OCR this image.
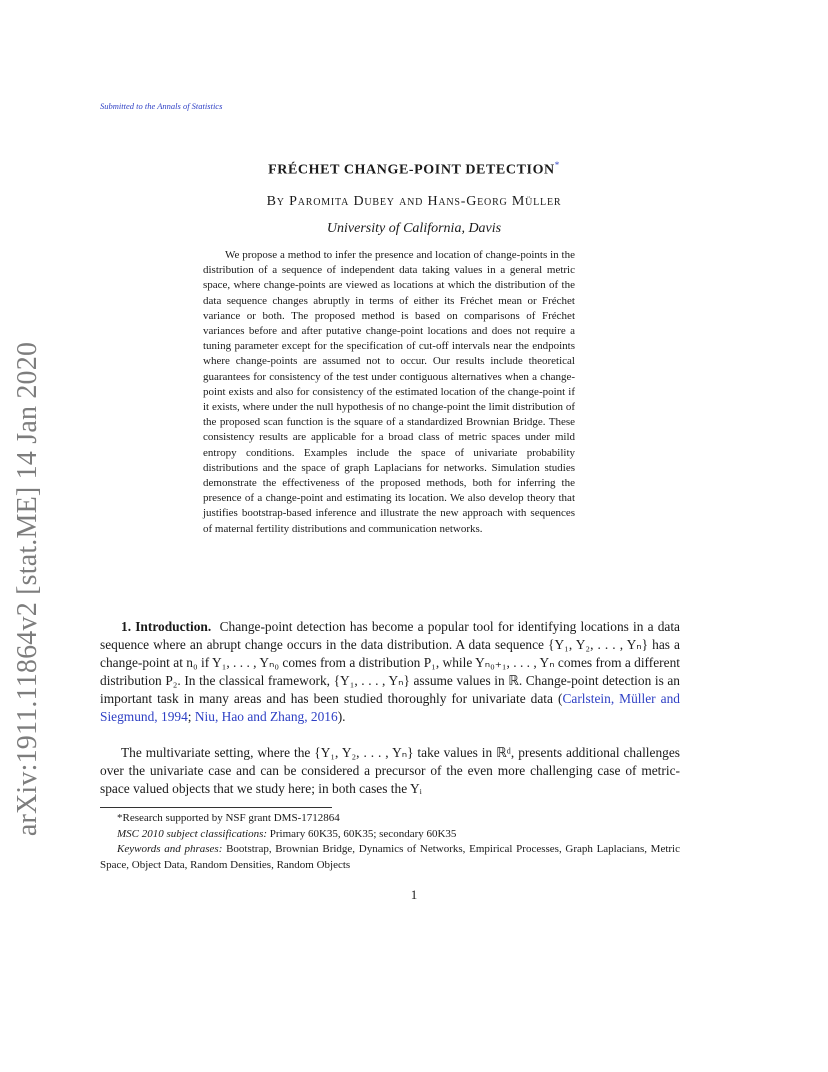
arXiv:1911.11864v2 [stat.ME] 14 Jan 2020
Submitted to the Annals of Statistics
FRÉCHET CHANGE-POINT DETECTION*
By Paromita Dubey and Hans-Georg Müller
University of California, Davis
We propose a method to infer the presence and location of change-points in the distribution of a sequence of independent data taking values in a general metric space, where change-points are viewed as locations at which the distribution of the data sequence changes abruptly in terms of either its Fréchet mean or Fréchet variance or both. The proposed method is based on comparisons of Fréchet variances before and after putative change-point locations and does not require a tuning parameter except for the specification of cut-off intervals near the endpoints where change-points are assumed not to occur. Our results include theoretical guarantees for consistency of the test under contiguous alternatives when a change-point exists and also for consistency of the estimated location of the change-point if it exists, where under the null hypothesis of no change-point the limit distribution of the proposed scan function is the square of a standardized Brownian Bridge. These consistency results are applicable for a broad class of metric spaces under mild entropy conditions. Examples include the space of univariate probability distributions and the space of graph Laplacians for networks. Simulation studies demonstrate the effectiveness of the proposed methods, both for inferring the presence of a change-point and estimating its location. We also develop theory that justifies bootstrap-based inference and illustrate the new approach with sequences of maternal fertility distributions and communication networks.
1. Introduction. Change-point detection has become a popular tool for identifying locations in a data sequence where an abrupt change occurs in the data distribution. A data sequence {Y₁, Y₂, . . . , Yₙ} has a change-point at n₀ if Y₁, . . . , Yₙ₀ comes from a distribution P₁, while Yₙ₀₊₁, . . . , Yₙ comes from a different distribution P₂. In the classical framework, {Y₁, . . . , Yₙ} assume values in ℝ. Change-point detection is an important task in many areas and has been studied thoroughly for univariate data (Carlstein, Müller and Siegmund, 1994; Niu, Hao and Zhang, 2016).
The multivariate setting, where the {Y₁, Y₂, . . . , Yₙ} take values in ℝᵈ, presents additional challenges over the univariate case and can be considered a precursor of the even more challenging case of metric-space valued objects that we study here; in both cases the Yᵢ

*Research supported by NSF grant DMS-1712864

MSC 2010 subject classifications: Primary 60K35, 60K35; secondary 60K35

Keywords and phrases: Bootstrap, Brownian Bridge, Dynamics of Networks, Empirical Processes, Graph Laplacians, Metric Space, Object Data, Random Densities, Random Objects

1
